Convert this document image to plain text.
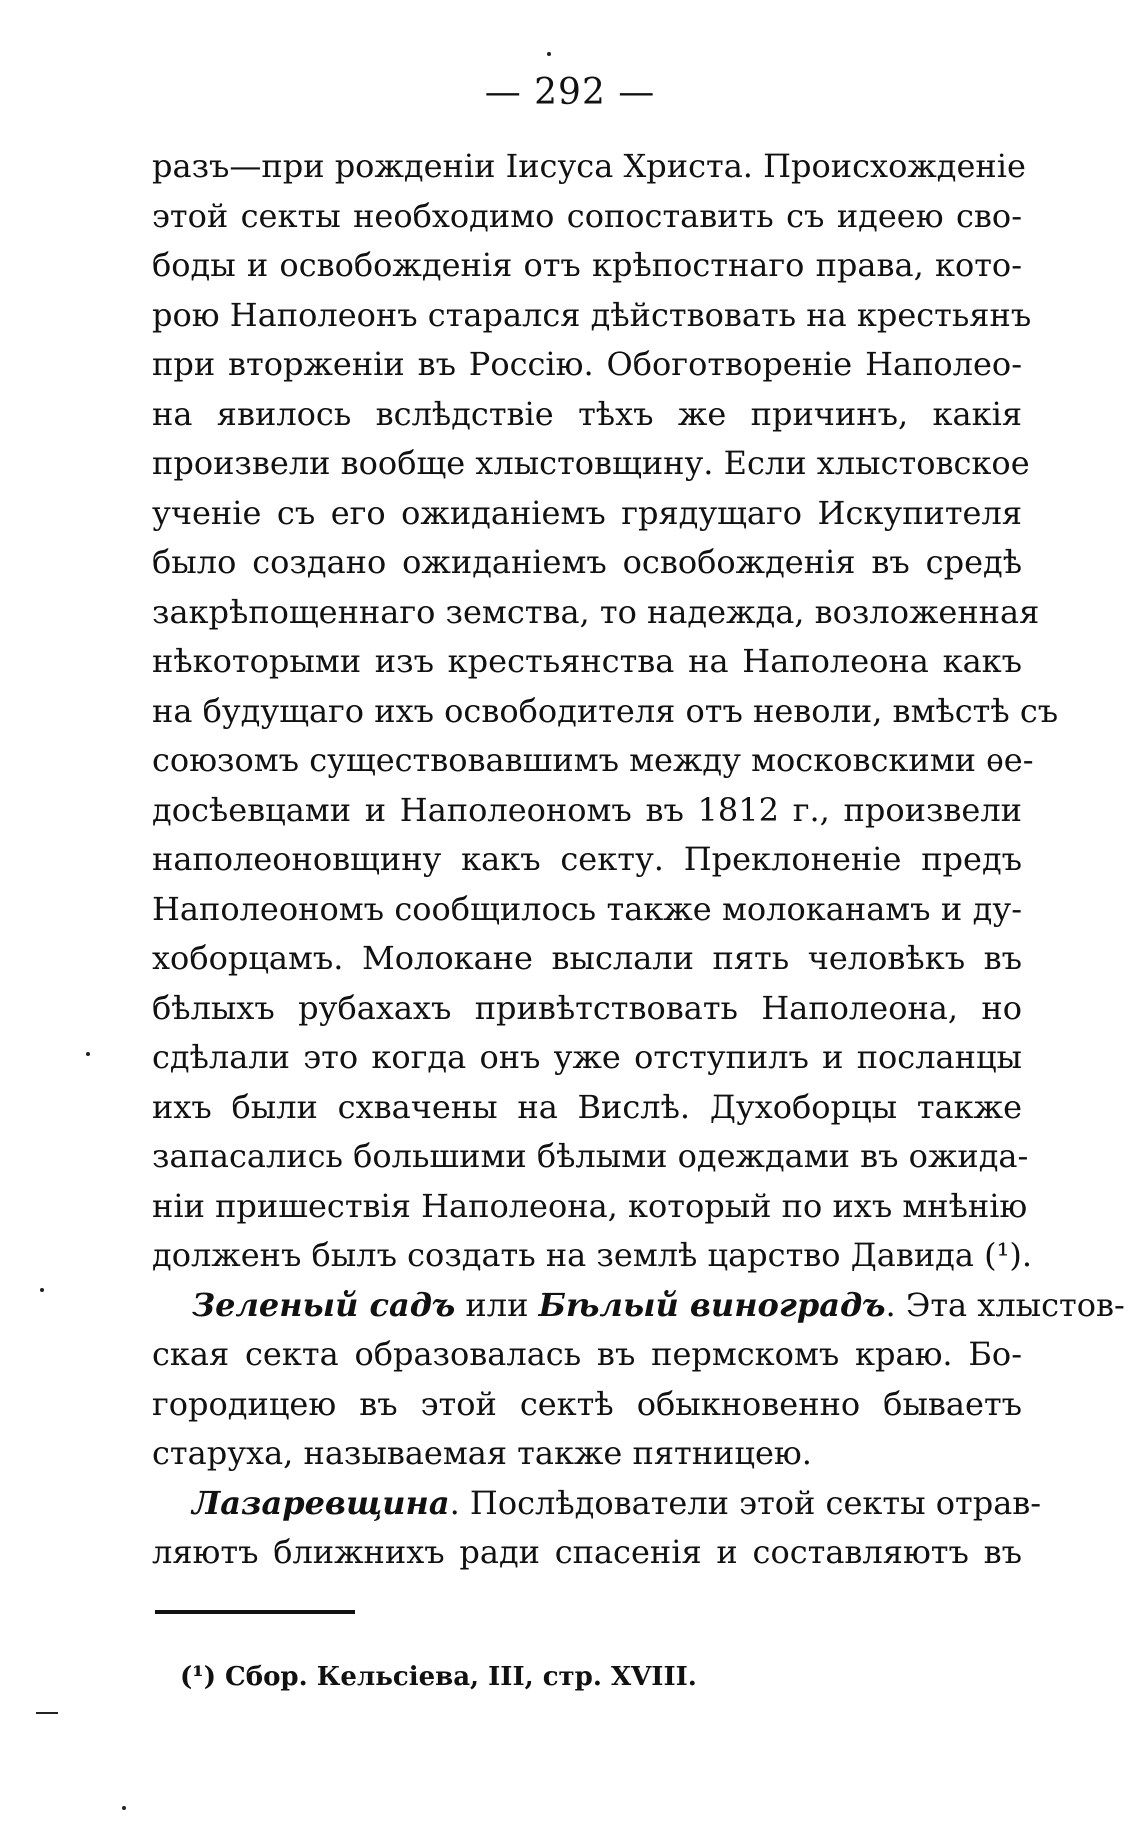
— 292 —
разъ—при рожденіи Іисуса Христа. Происхожденіе
этой секты необходимо сопоставить съ идеею сво-
боды и освобожденія отъ крѣпостнаго права, кото-
рою Наполеонъ старался дѣйствовать на крестьянъ
при вторженіи въ Россію. Обоготвореніе Наполео-
на явилось вслѣдствіе тѣхъ же причинъ, какія
произвели вообще хлыстовщину. Если хлыстовское
ученіе съ его ожиданіемъ грядущаго Искупителя
было создано ожиданіемъ освобожденія въ средѣ
закрѣпощеннаго земства, то надежда, возложенная
нѣкоторыми изъ крестьянства на Наполеона какъ
на будущаго ихъ освободителя отъ неволи, вмѣстѣ съ
союзомъ существовавшимъ между московскими ѳе-
досѣевцами и Наполеономъ въ 1812 г., произвели
наполеоновщину какъ секту. Преклоненіе предъ
Наполеономъ сообщилось также молоканамъ и ду-
хоборцамъ. Молокане выслали пять человѣкъ въ
бѣлыхъ рубахахъ привѣтствовать Наполеона, но
сдѣлали это когда онъ уже отступилъ и посланцы
ихъ были схвачены на Вислѣ. Духоборцы также
запасались большими бѣлыми одеждами въ ожида-
ніи пришествія Наполеона, который по ихъ мнѣнію
долженъ былъ создать на землѣ царство Давида (¹).
Зеленый садъ или Бѣлый виноградъ. Эта хлыстов-
ская секта образовалась въ пермскомъ краю. Бо-
городицею въ этой сектѣ обыкновенно бываетъ
старуха, называемая также пятницею.
Лазаревщина. Послѣдователи этой секты отрав-
ляютъ ближнихъ ради спасенія и составляютъ въ
(¹) Сбор. Кельсіева, III, стр. XVIII.
